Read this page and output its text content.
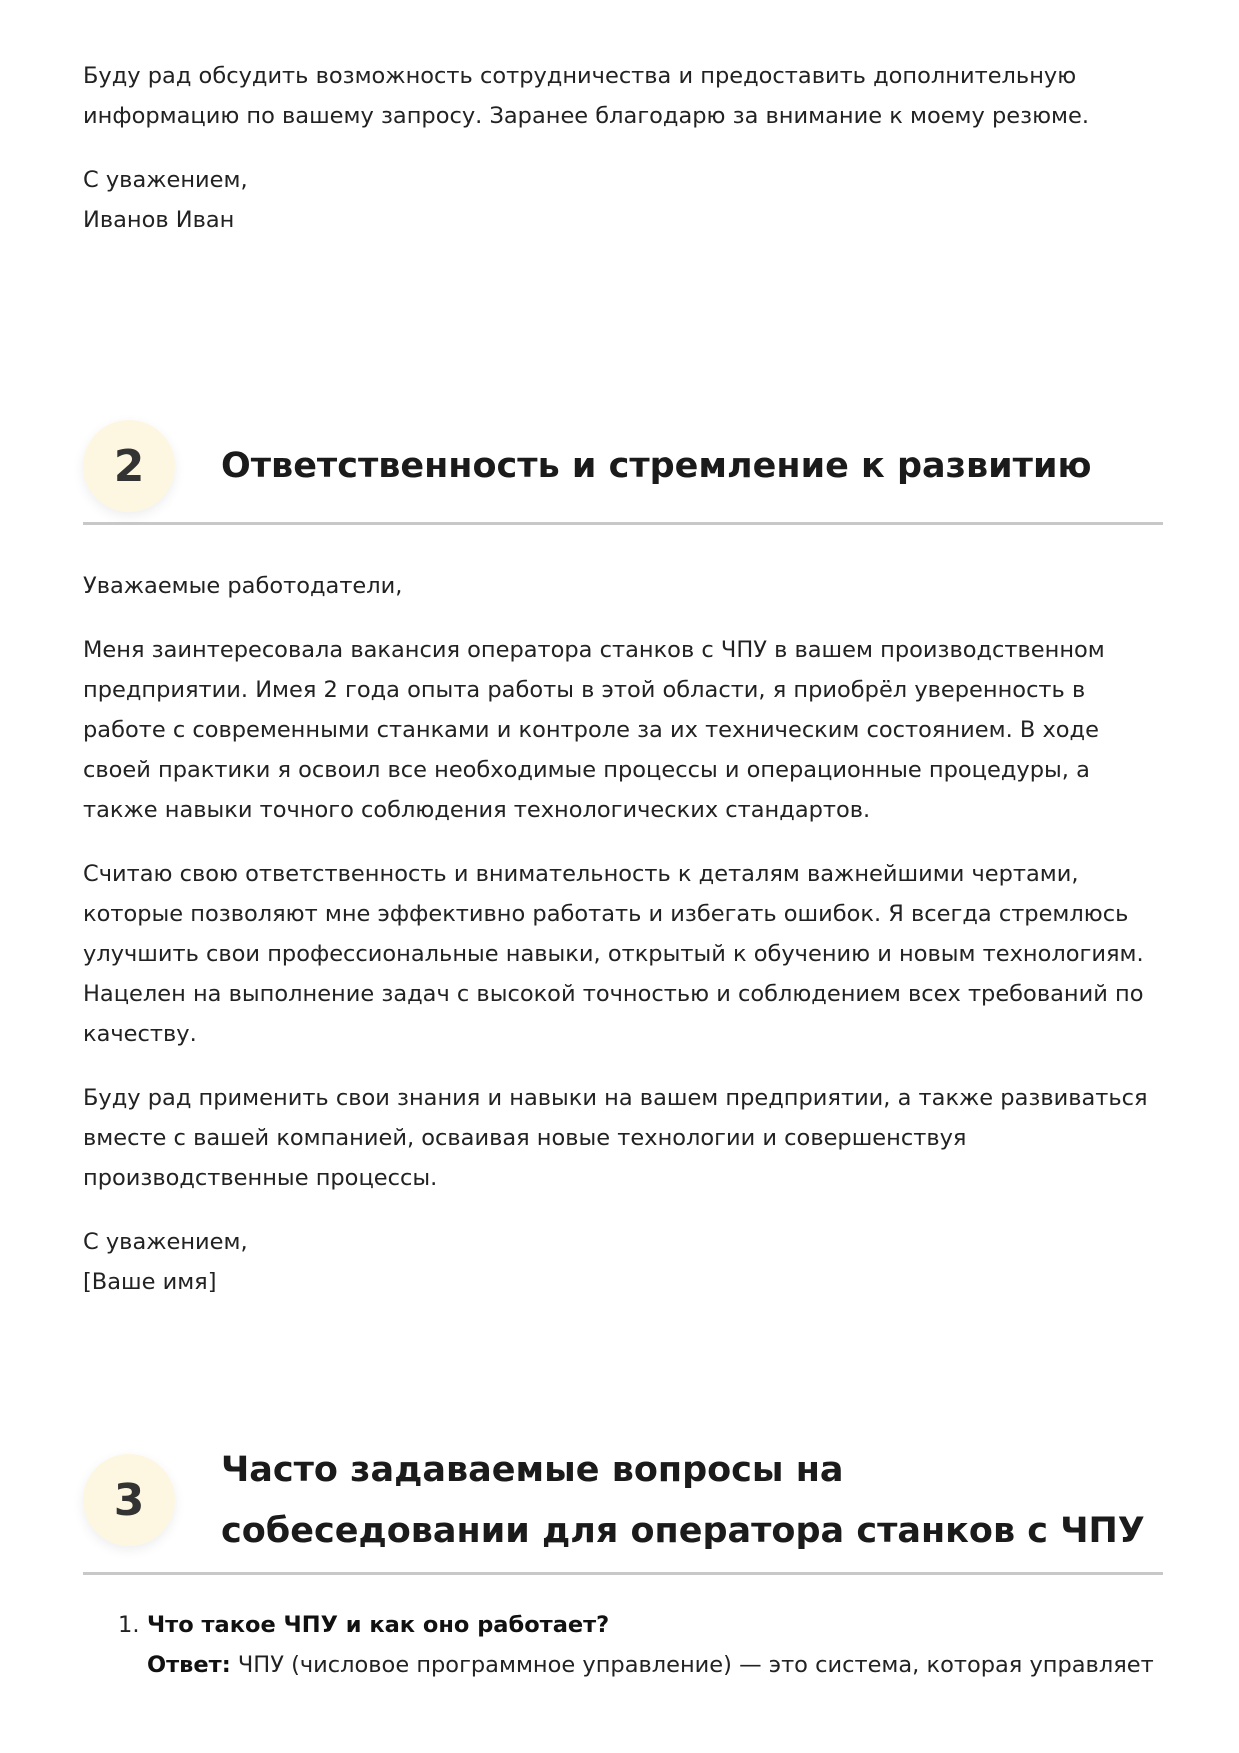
Буду рад обсудить возможность сотрудничества и предоставить дополнительную информацию по вашему запросу. Заранее благодарю за внимание к моему резюме.

С уважением,

Иванов Иван

2	Ответственность и стремление к развитию

Уважаемые работодатели,

Меня заинтересовала вакансия оператора станков с ЧПУ в вашем производственном предприятии. Имея 2 года опыта работы в этой области, я приобрёл уверенность в работе с современными станками и контроле за их техническим состоянием. В ходе своей практики я освоил все необходимые процессы и операционные процедуры, а также навыки точного соблюдения технологических стандартов.

Считаю свою ответственность и внимательность к деталям важнейшими чертами, которые позволяют мне эффективно работать и избегать ошибок. Я всегда стремлюсь улучшить свои профессиональные навыки, открытый к обучению и новым технологиям. Нацелен на выполнение задач с высокой точностью и соблюдением всех требований по качеству.

Буду рад применить свои знания и навыки на вашем предприятии, а также развиваться вместе с вашей компанией, осваивая новые технологии и совершенствуя производственные процессы.

С уважением,

[Ваше имя]

3
Часто задаваемые вопросы на собеседовании для оператора станков с ЧПУ
1. Что такое ЧПУ и как оно работает?

Ответ: ЧПУ (числовое программное управление) — это система, которая управляет
